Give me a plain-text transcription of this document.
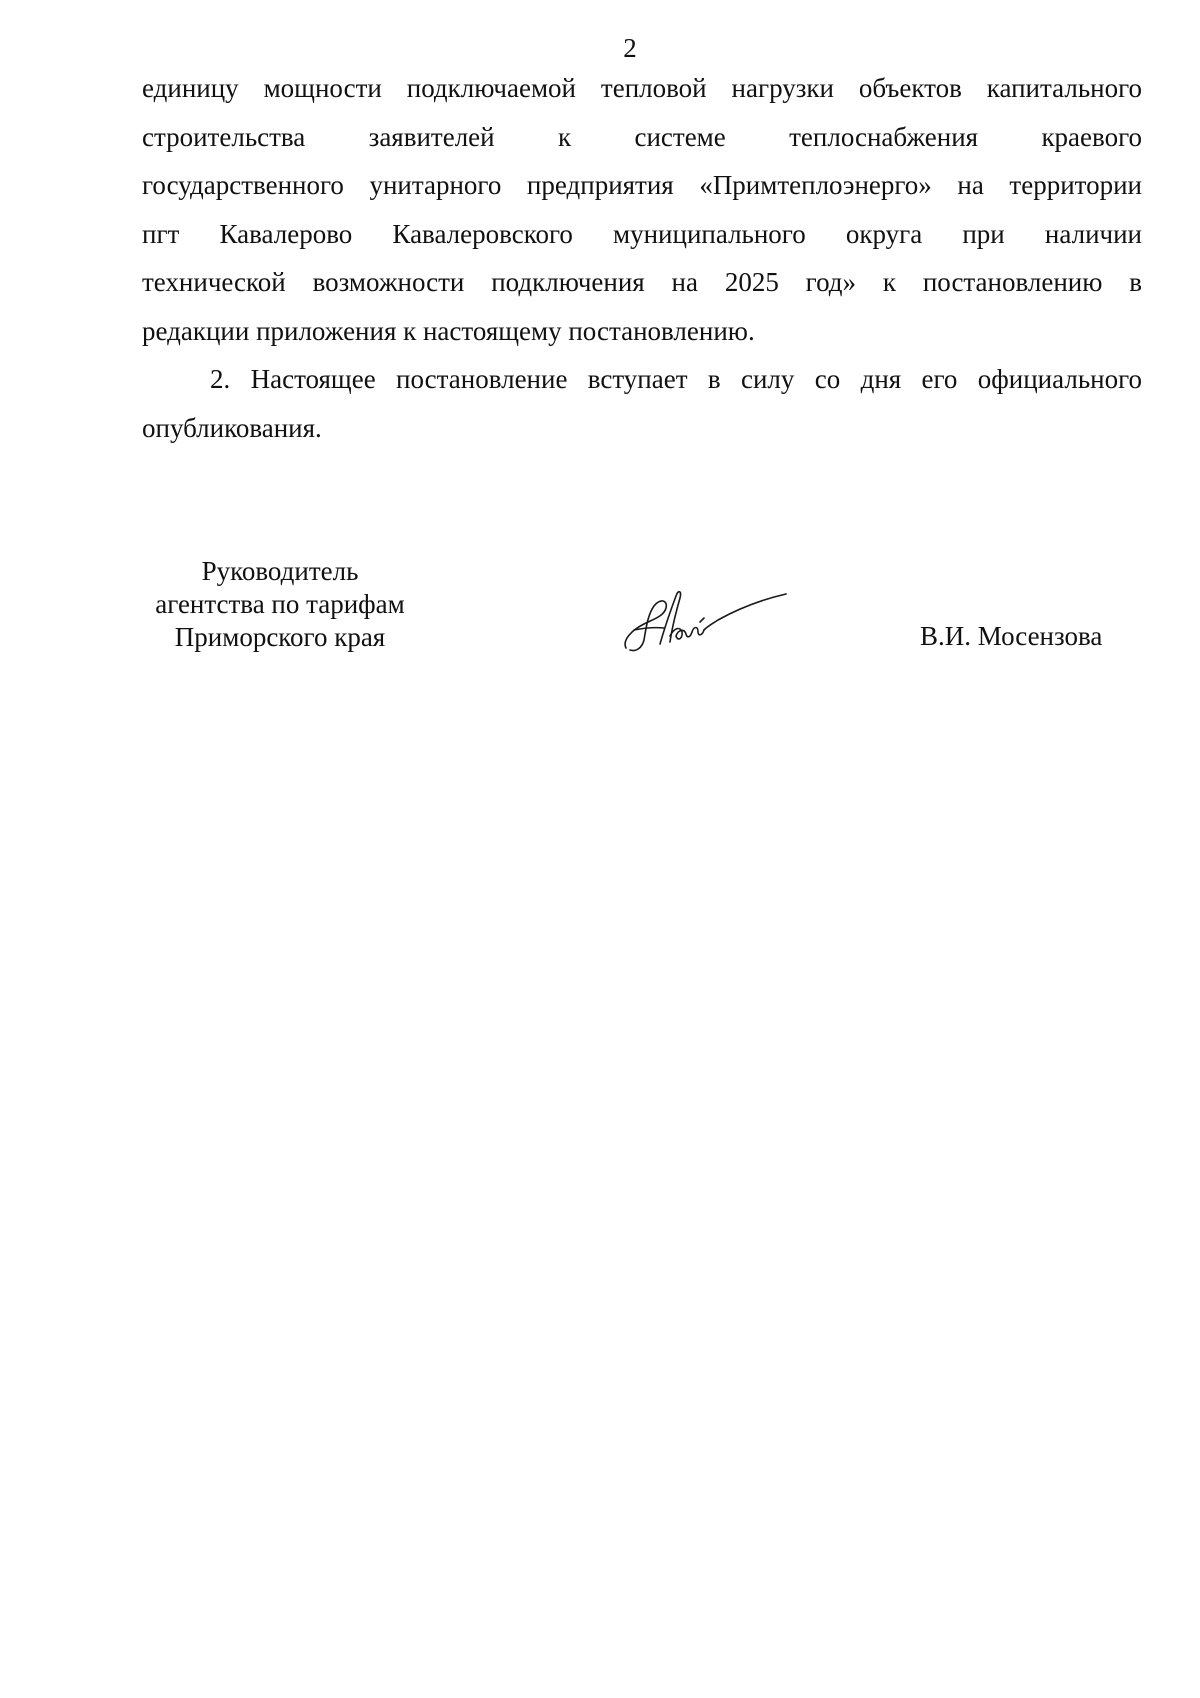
2

единицу мощности подключаемой тепловой нагрузки объектов капитального
строительства заявителей к системе теплоснабжения краевого
государственного унитарного предприятия «Примтеплоэнерго» на территории
пгт Кавалерово Кавалеровского муниципального округа при наличии
технической возможности подключения на 2025 год» к постановлению в
редакции приложения к настоящему постановлению.

2. Настоящее постановление вступает в силу со дня его официального
опубликования.

Руководитель
агентства по тарифам
Приморского края	В.И. Мосензова
